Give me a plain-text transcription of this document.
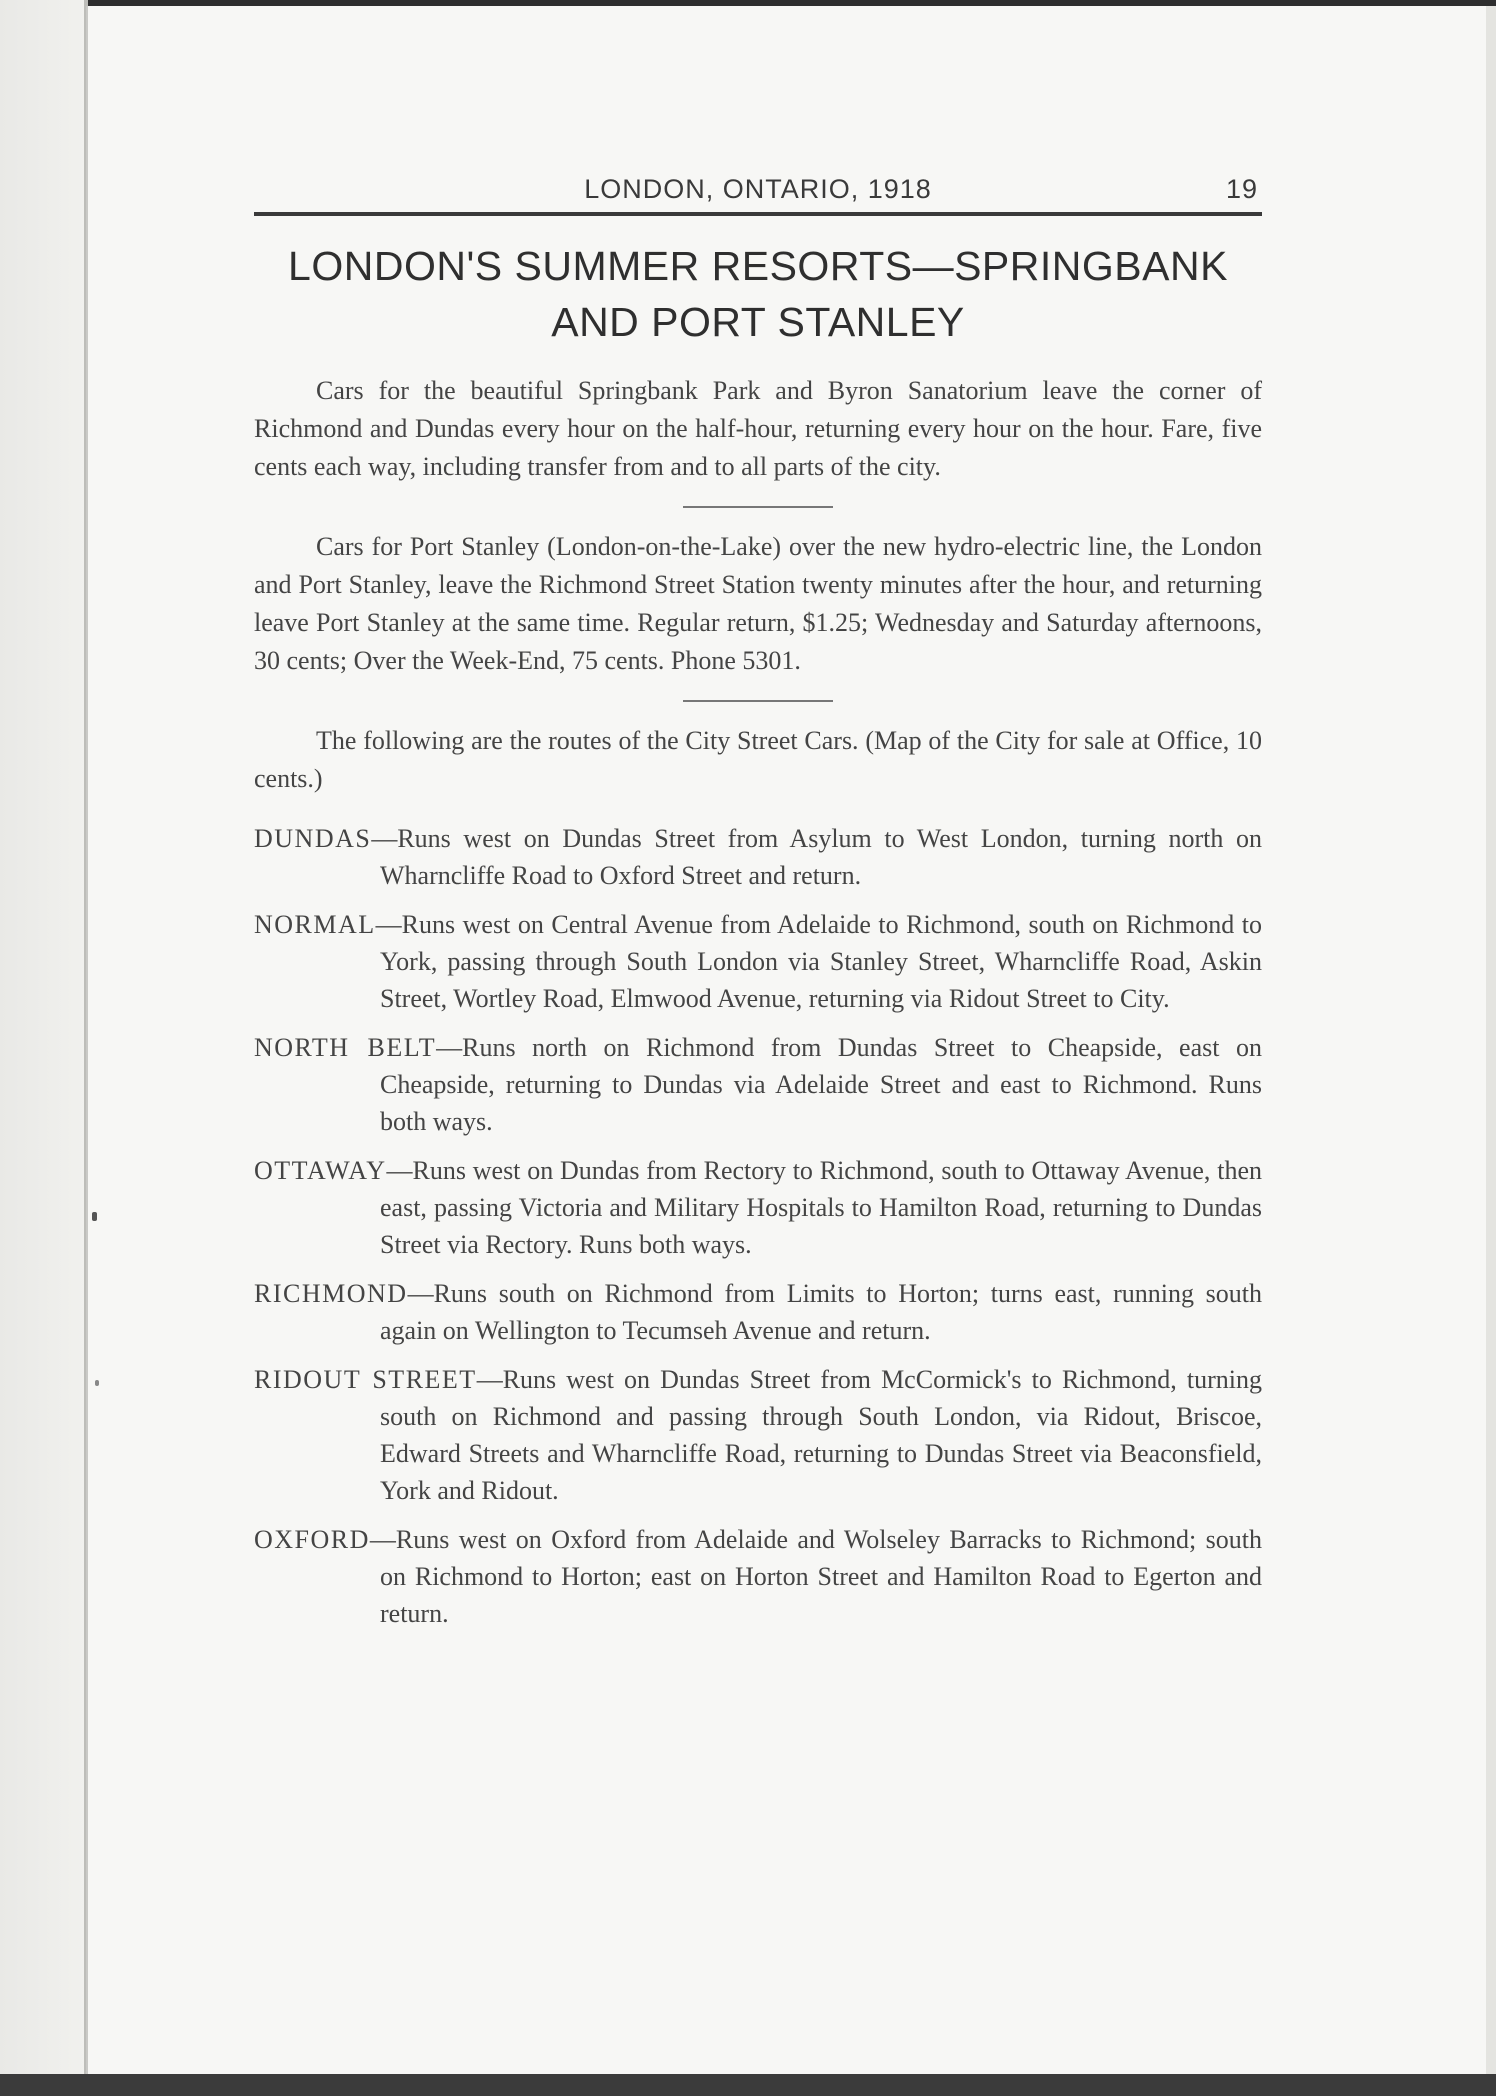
LONDON, ONTARIO, 1918	19
LONDON'S SUMMER RESORTS—SPRINGBANK AND PORT STANLEY

Cars for the beautiful Springbank Park and Byron Sanatorium leave the corner of Richmond and Dundas every hour on the half-hour, returning every hour on the hour. Fare, five cents each way, including transfer from and to all parts of the city.

Cars for Port Stanley (London-on-the-Lake) over the new hydro-electric line, the London and Port Stanley, leave the Richmond Street Station twenty minutes after the hour, and returning leave Port Stanley at the same time. Regular return, $1.25; Wednesday and Saturday afternoons, 30 cents; Over the Week-End, 75 cents. Phone 5301.

The following are the routes of the City Street Cars. (Map of the City for sale at Office, 10 cents.)

DUNDAS—Runs west on Dundas Street from Asylum to West London, turning north on Wharncliffe Road to Oxford Street and return.

NORMAL—Runs west on Central Avenue from Adelaide to Richmond, south on Richmond to York, passing through South London via Stanley Street, Wharncliffe Road, Askin Street, Wortley Road, Elmwood Avenue, returning via Ridout Street to City.

NORTH BELT—Runs north on Richmond from Dundas Street to Cheapside, east on Cheapside, returning to Dundas via Adelaide Street and east to Richmond. Runs both ways.

OTTAWAY—Runs west on Dundas from Rectory to Richmond, south to Ottaway Avenue, then east, passing Victoria and Military Hospitals to Hamilton Road, returning to Dundas Street via Rectory. Runs both ways.

RICHMOND—Runs south on Richmond from Limits to Horton; turns east, running south again on Wellington to Tecumseh Avenue and return.

RIDOUT STREET—Runs west on Dundas Street from McCormick's to Richmond, turning south on Richmond and passing through South London, via Ridout, Briscoe, Edward Streets and Wharncliffe Road, returning to Dundas Street via Beaconsfield, York and Ridout.

OXFORD—Runs west on Oxford from Adelaide and Wolseley Barracks to Richmond; south on Richmond to Horton; east on Horton Street and Hamilton Road to Egerton and return.
